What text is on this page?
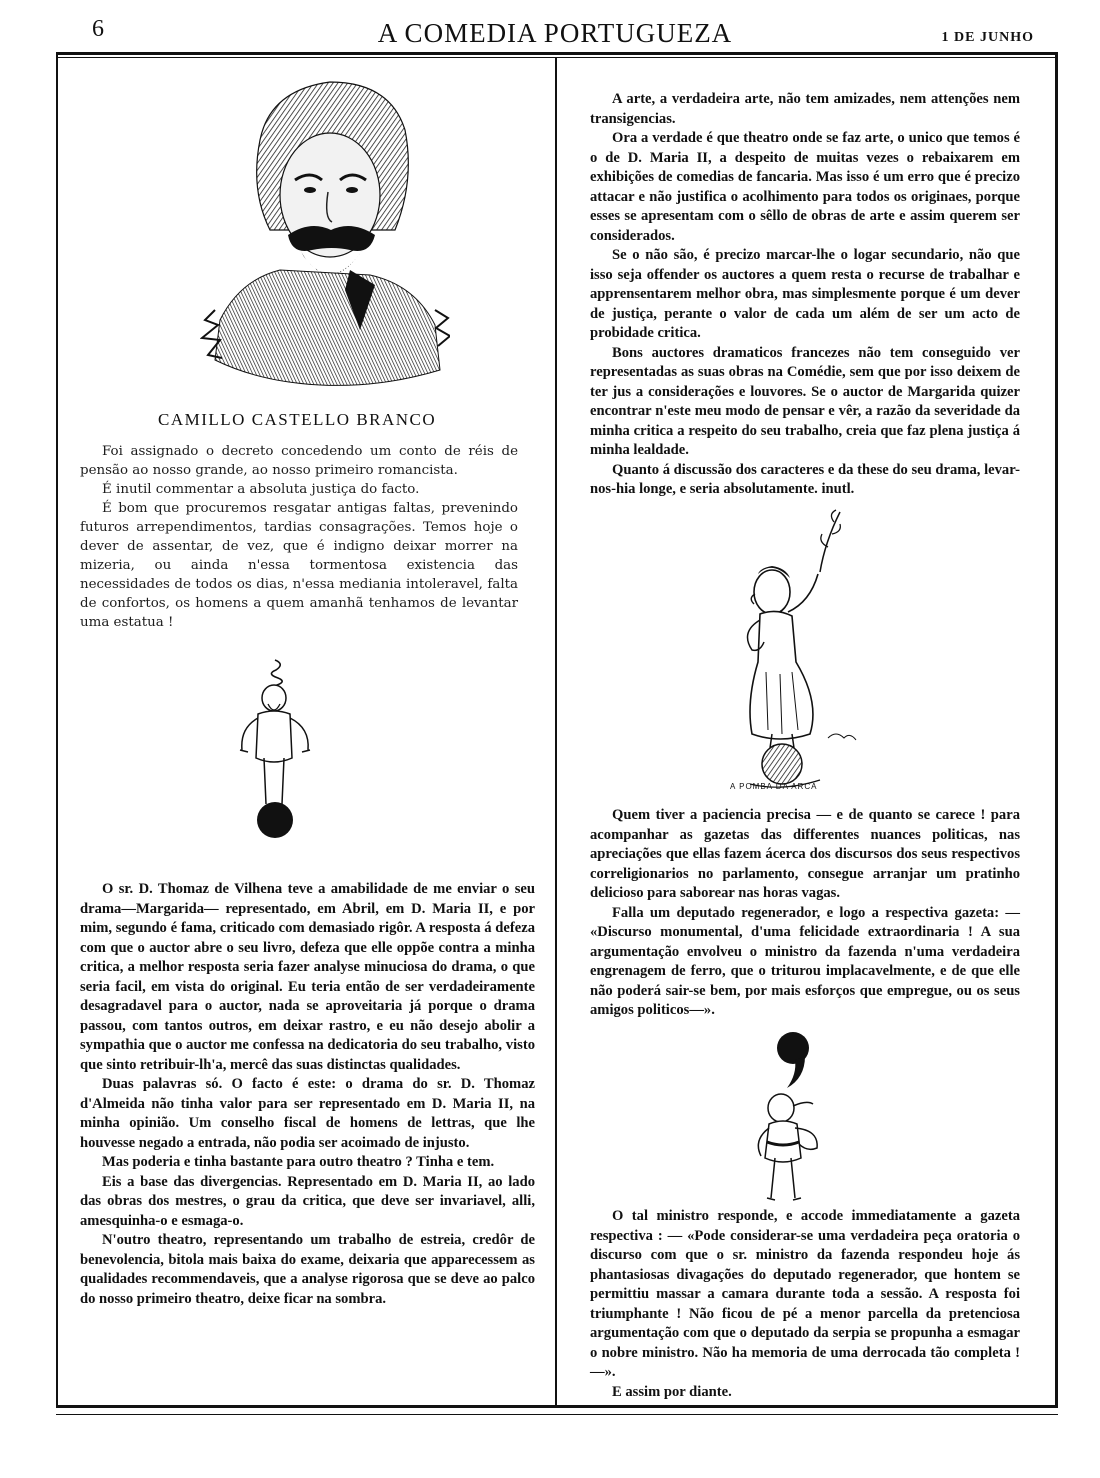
6	A COMEDIA PORTUGUEZA	1 DE JUNHO
CAMILLO CASTELLO BRANCO

Foi assignado o decreto concedendo um conto de réis de pensão ao nosso grande, ao nosso primeiro romancista.

É inutil commentar a absoluta justiça do facto.

É bom que procuremos resgatar antigas faltas, prevenindo futuros arrependimentos, tardias consagrações. Temos hoje o dever de assentar, de vez, que é indigno deixar morrer na mizeria, ou ainda n'essa tormentosa existencia das necessidades de todos os dias, n'essa mediania intoleravel, falta de confortos, os homens a quem amanhã tenhamos de levantar uma estatua !

O sr. D. Thomaz de Vilhena teve a amabilidade de me enviar o seu drama—Margarida— representado, em Abril, em D. Maria II, e por mim, segundo é fama, criticado com demasiado rigôr. A resposta á defeza com que o auctor abre o seu livro, defeza que elle oppõe contra a minha critica, a melhor resposta seria fazer analyse minuciosa do drama, o que seria facil, em vista do original. Eu teria então de ser verdadeiramente desagradavel para o auctor, nada se aproveitaria já porque o drama passou, com tantos outros, em deixar rastro, e eu não desejo abolir a sympathia que o auctor me confessa na dedicatoria do seu trabalho, visto que sinto retribuir-lh'a, mercê das suas distinctas qualidades.

Duas palavras só. O facto é este: o drama do sr. D. Thomaz d'Almeida não tinha valor para ser representado em D. Maria II, na minha opinião. Um conselho fiscal de homens de lettras, que lhe houvesse negado a entrada, não podia ser acoimado de injusto.

Mas poderia e tinha bastante para outro theatro ? Tinha e tem.

Eis a base das divergencias. Representado em D. Maria II, ao lado das obras dos mestres, o grau da critica, que deve ser invariavel, alli, amesquinha-o e esmaga-o.

N'outro theatro, representando um trabalho de estreia, credôr de benevolencia, bitola mais baixa do exame, deixaria que apparecessem as qualidades recommendaveis, que a analyse rigorosa que se deve ao palco do nosso primeiro theatro, deixe ficar na sombra.

A arte, a verdadeira arte, não tem amizades, nem attenções nem transigencias.

Ora a verdade é que theatro onde se faz arte, o unico que temos é o de D. Maria II, a despeito de muitas vezes o rebaixarem em exhibições de comedias de fancaria. Mas isso é um erro que é precizo attacar e não justifica o acolhimento para todos os originaes, porque esses se apresentam com o sêllo de obras de arte e assim querem ser considerados.

Se o não são, é precizo marcar-lhe o logar secundario, não que isso seja offender os auctores a quem resta o recurse de trabalhar e apprensentarem melhor obra, mas simplesmente porque é um dever de justiça, perante o valor de cada um além de ser um acto de probidade critica.

Bons auctores dramaticos francezes não tem conseguido ver representadas as suas obras na Comédie, sem que por isso deixem de ter jus a considerações e louvores. Se o auctor de Margarida quizer encontrar n'este meu modo de pensar e vêr, a razão da severidade da minha critica a respeito do seu trabalho, creia que faz plena justiça á minha lealdade.

Quanto á discussão dos caracteres e da these do seu drama, levar-nos-hia longe, e seria absolutamente. inutl.

A POMBA DA ARCA

Quem tiver a paciencia precisa — e de quanto se carece ! para acompanhar as gazetas das differentes nuances politicas, nas apreciações que ellas fazem ácerca dos discursos dos seus respectivos correligionarios no parlamento, consegue arranjar um pratinho delicioso para saborear nas horas vagas.

Falla um deputado regenerador, e logo a respectiva gazeta: — «Discurso monumental, d'uma felicidade extraordinaria ! A sua argumentação envolveu o ministro da fazenda n'uma verdadeira engrenagem de ferro, que o triturou implacavelmente, e de que elle não poderá sair-se bem, por mais esforços que empregue, ou os seus amigos politicos—».

O tal ministro responde, e accode immediatamente a gazeta respectiva : — «Pode considerar-se uma verdadeira peça oratoria o discurso com que o sr. ministro da fazenda respondeu hoje ás phantasiosas divagações do deputado regenerador, que hontem se permittiu massar a camara durante toda a sessão. A resposta foi triumphante ! Não ficou de pé a menor parcella da pretenciosa argumentação com que o deputado da serpia se propunha a esmagar o nobre ministro. Não ha memoria de uma derrocada tão completa !—».

E assim por diante.
